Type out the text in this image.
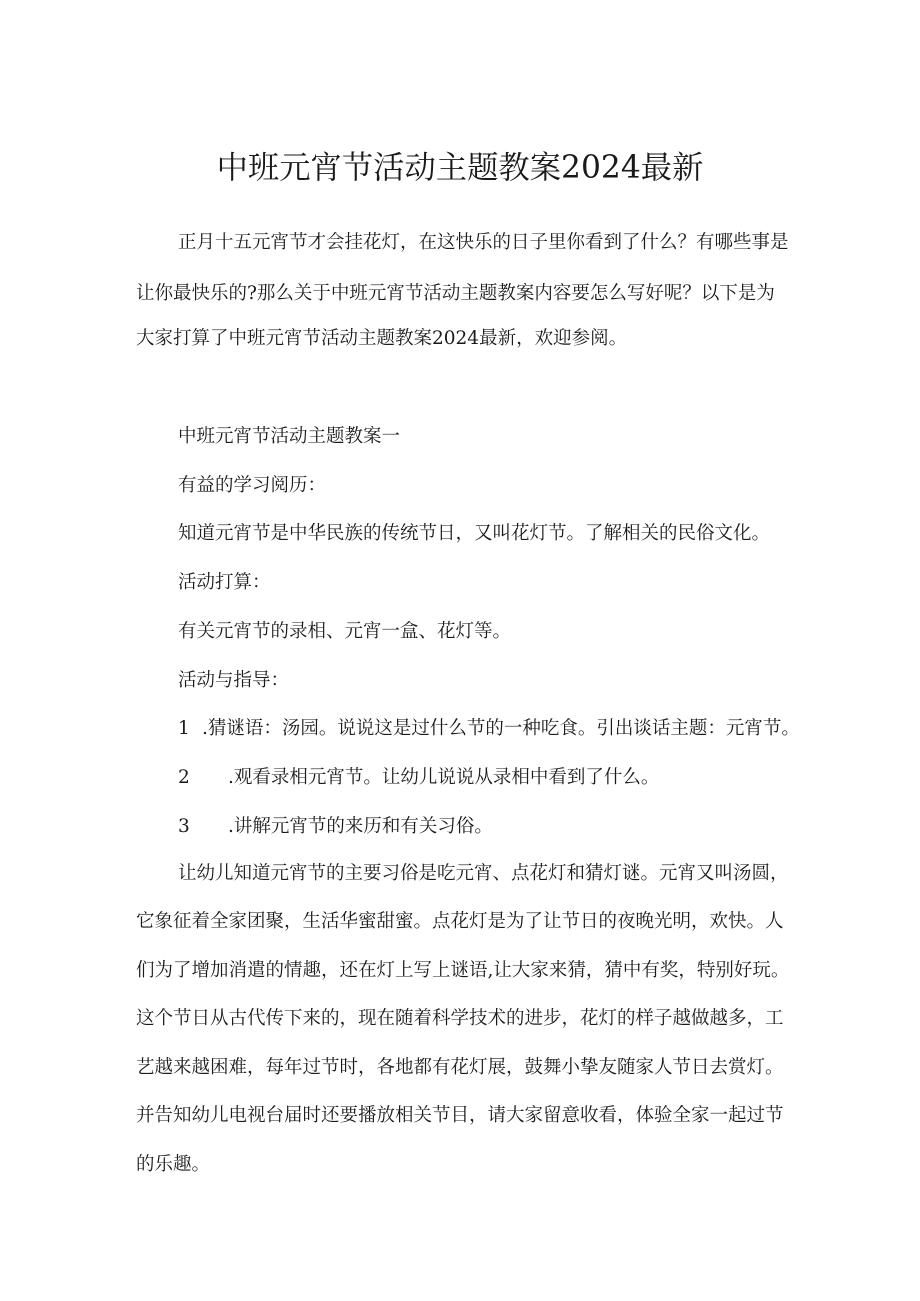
中班元宵节活动主题教案2024最新
正月十五元宵节才会挂花灯，在这快乐的日子里你看到了什么？有哪些事是
让你最快乐的?那么关于中班元宵节活动主题教案内容要怎么写好呢？以下是为
大家打算了中班元宵节活动主题教案2024最新，欢迎参阅。
中班元宵节活动主题教案一
有益的学习阅历：
知道元宵节是中华民族的传统节日，又叫花灯节。了解相关的民俗文化。
活动打算：
有关元宵节的录相、元宵一盒、花灯等。
活动与指导：
1 .猜谜语：汤园。说说这是过什么节的一种吃食。引出谈话主题：元宵节。
2 .观看录相元宵节。让幼儿说说从录相中看到了什么。
3 .讲解元宵节的来历和有关习俗。
让幼儿知道元宵节的主要习俗是吃元宵、点花灯和猜灯谜。元宵又叫汤圆，
它象征着全家团聚，生活华蜜甜蜜。点花灯是为了让节日的夜晚光明，欢快。人
们为了增加消遣的情趣，还在灯上写上谜语,让大家来猜，猜中有奖，特别好玩。
这个节日从古代传下来的，现在随着科学技术的进步，花灯的样子越做越多，工
艺越来越困难，每年过节时，各地都有花灯展，鼓舞小挚友随家人节日去赏灯。
并告知幼儿电视台届时还要播放相关节目，请大家留意收看，体验全家一起过节
的乐趣。
